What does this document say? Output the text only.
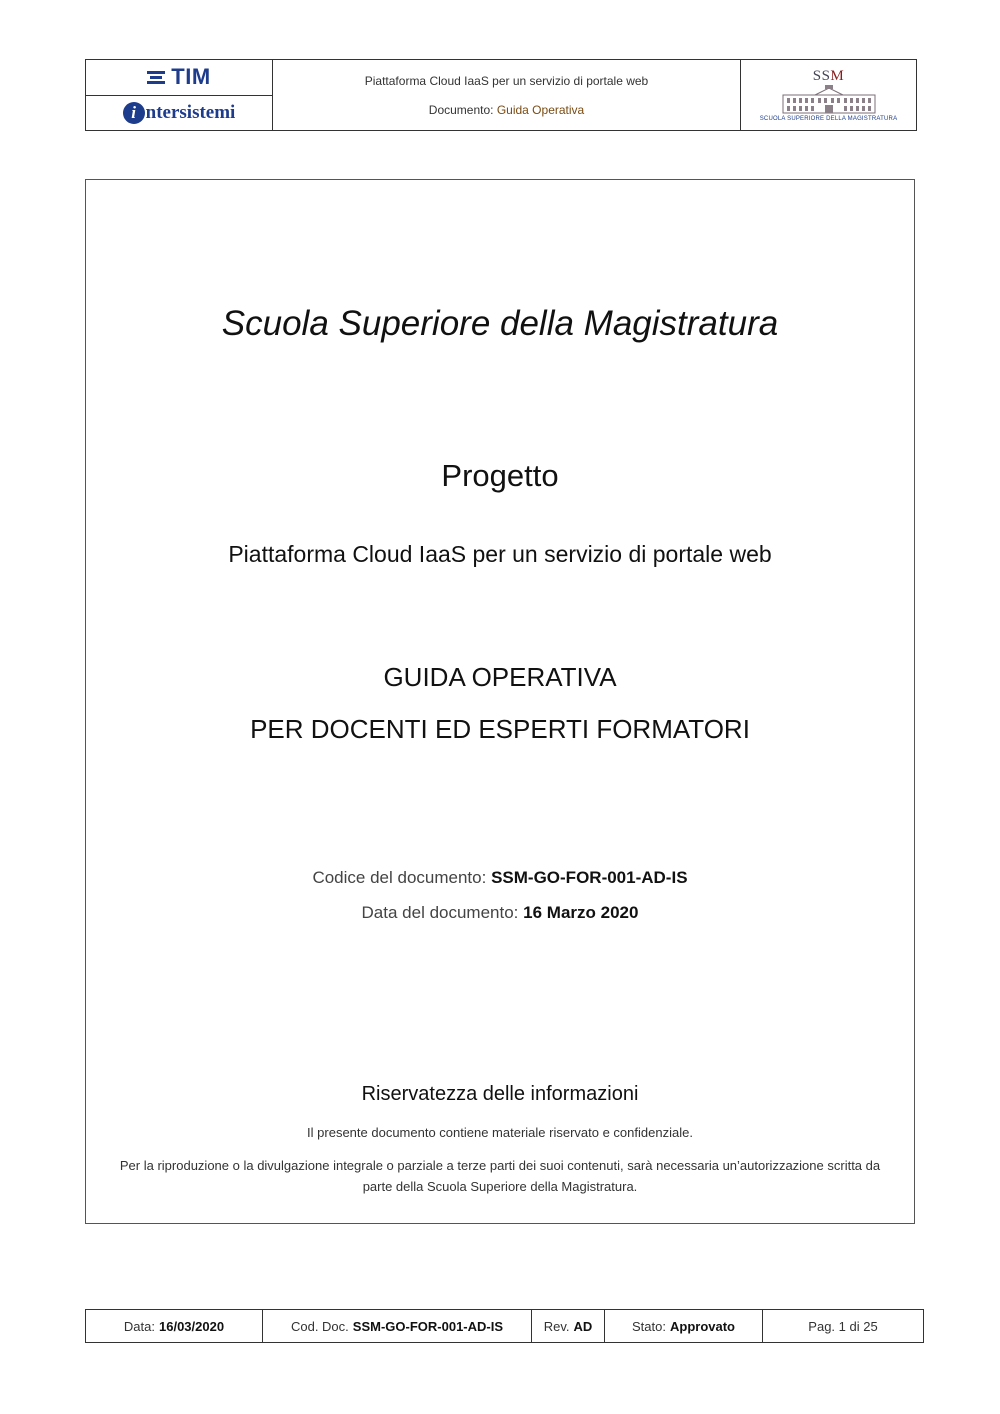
TIM
i ntersistemi
Piattaforma Cloud IaaS per un servizio di portale web
Documento: Guida Operativa
SSM
SCUOLA SUPERIORE DELLA MAGISTRATURA
Scuola Superiore della Magistratura
Progetto
Piattaforma Cloud IaaS per un servizio di portale web
GUIDA OPERATIVA
PER DOCENTI ED ESPERTI FORMATORI
Codice del documento: SSM-GO-FOR-001-AD-IS
Data del documento: 16 Marzo 2020
Riservatezza delle informazioni
Il presente documento contiene materiale riservato e confidenziale.
Per la riproduzione o la divulgazione integrale o parziale a terze parti dei suoi contenuti, sarà necessaria un’autorizzazione scritta da parte della Scuola Superiore della Magistratura.
Data: 16/03/2020	Cod. Doc. SSM-GO-FOR-001-AD-IS	Rev. AD	Stato: Approvato	Pag. 1 di 25
